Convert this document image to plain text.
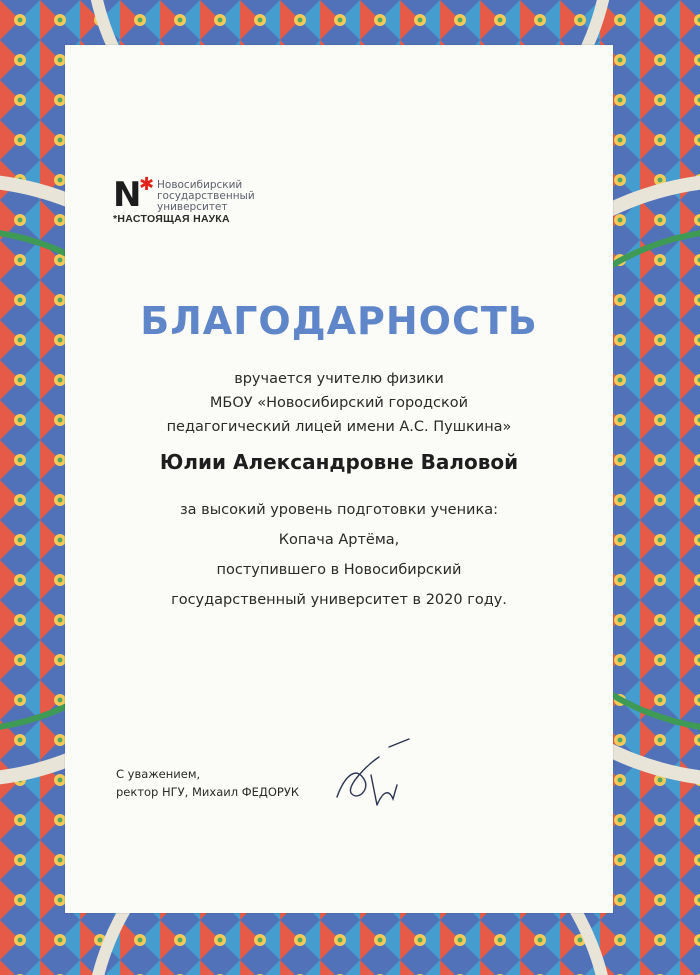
N
✱ Новосибирский
государственный
университет
*НАСТОЯЩАЯ НАУКА
БЛАГОДАРНОСТЬ
вручается учителю физики
МБОУ «Новосибирский городской
педагогический лицей имени А.С. Пушкина»
Юлии Александровне Валовой
за высокий уровень подготовки ученика:
Копача Артёма,
поступившего в Новосибирский
государственный университет в 2020 году.
С уважением,
ректор НГУ, Михаил ФЕДОРУК
